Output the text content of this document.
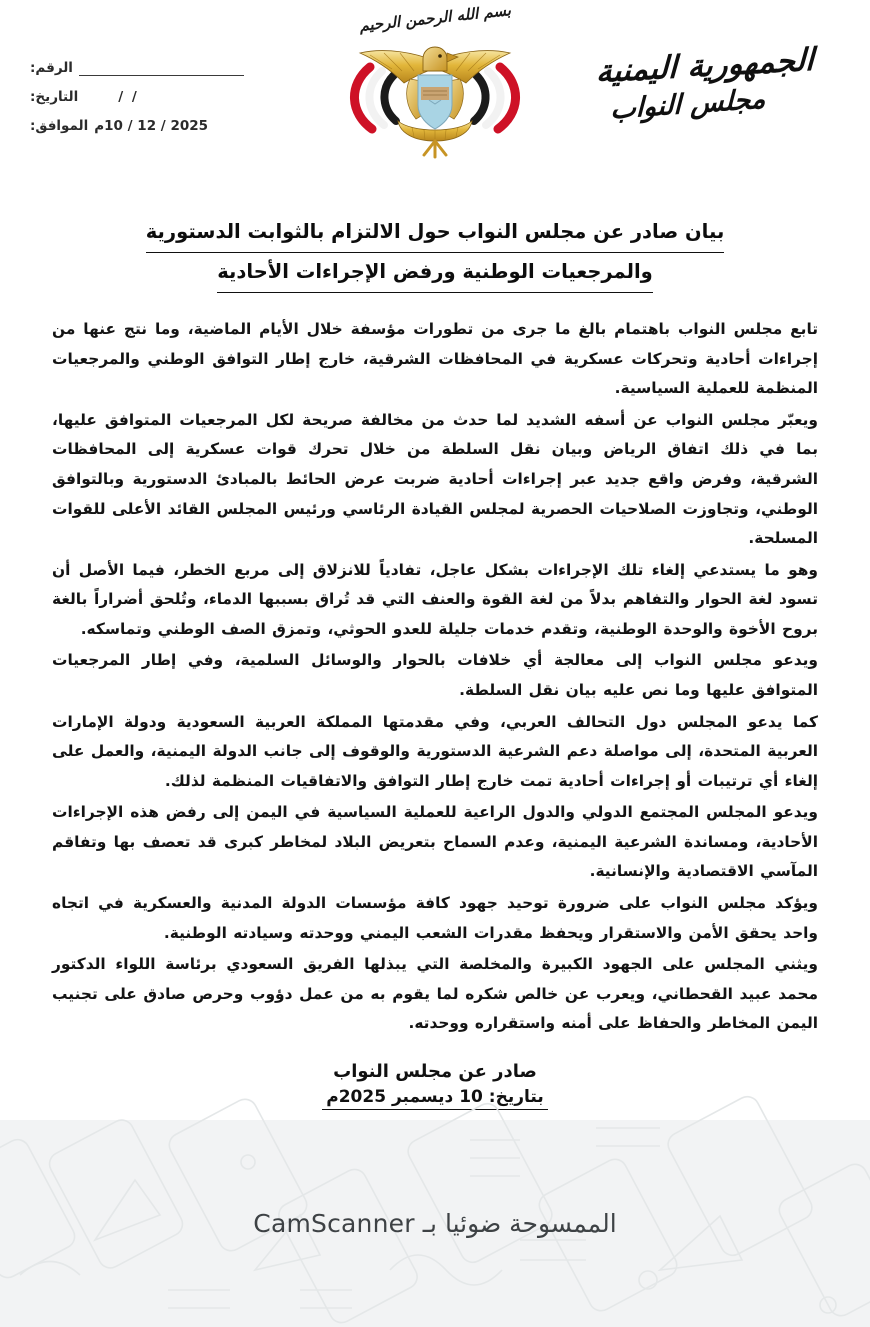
الرقم:
/ /
التاريخ:
2025 / 12 / 10م
الموافق:
بسم الله الرحمن الرحيم
الجمهورية اليمنية
مجلس النواب
بيان صادر عن مجلس النواب حول الالتزام بالثوابت الدستورية
والمرجعيات الوطنية ورفض الإجراءات الأحادية

تابع مجلس النواب باهتمام بالغ ما جرى من تطورات مؤسفة خلال الأيام الماضية، وما نتج عنها من إجراءات أحادية وتحركات عسكرية في المحافظات الشرقية، خارج إطار التوافق الوطني والمرجعيات المنظمة للعملية السياسية.

ويعبّر مجلس النواب عن أسفه الشديد لما حدث من مخالفة صريحة لكل المرجعيات المتوافق عليها، بما في ذلك اتفاق الرياض وبيان نقل السلطة من خلال تحرك قوات عسكرية إلى المحافظات الشرقية، وفرض واقع جديد عبر إجراءات أحادية ضربت عرض الحائط بالمبادئ الدستورية وبالتوافق الوطني، وتجاوزت الصلاحيات الحصرية لمجلس القيادة الرئاسي ورئيس المجلس القائد الأعلى للقوات المسلحة.

وهو ما يستدعي إلغاء تلك الإجراءات بشكل عاجل، تفادياً للانزلاق إلى مربع الخطر، فيما الأصل أن تسود لغة الحوار والتفاهم بدلاً من لغة القوة والعنف التي قد تُراق بسببها الدماء، وتُلحق أضراراً بالغة بروح الأخوة والوحدة الوطنية، وتقدم خدمات جليلة للعدو الحوثي، وتمزق الصف الوطني وتماسكه.

ويدعو مجلس النواب إلى معالجة أي خلافات بالحوار والوسائل السلمية، وفي إطار المرجعيات المتوافق عليها وما نص عليه بيان نقل السلطة.

كما يدعو المجلس دول التحالف العربي، وفي مقدمتها المملكة العربية السعودية ودولة الإمارات العربية المتحدة، إلى مواصلة دعم الشرعية الدستورية والوقوف إلى جانب الدولة اليمنية، والعمل على إلغاء أي ترتيبات أو إجراءات أحادية تمت خارج إطار التوافق والاتفاقيات المنظمة لذلك.

ويدعو المجلس المجتمع الدولي والدول الراعية للعملية السياسية في اليمن إلى رفض هذه الإجراءات الأحادية، ومساندة الشرعية اليمنية، وعدم السماح بتعريض البلاد لمخاطر كبرى قد تعصف بها وتفاقم المآسي الاقتصادية والإنسانية.

ويؤكد مجلس النواب على ضرورة توحيد جهود كافة مؤسسات الدولة المدنية والعسكرية في اتجاه واحد يحقق الأمن والاستقرار ويحفظ مقدرات الشعب اليمني ووحدته وسيادته الوطنية.

ويثني المجلس على الجهود الكبيرة والمخلصة التي يبذلها الفريق السعودي برئاسة اللواء الدكتور محمد عبيد القحطاني، ويعرب عن خالص شكره لما يقوم به من عمل دؤوب وحرص صادق على تجنيب اليمن المخاطر والحفاظ على أمنه واستقراره ووحدته.

صادر عن مجلس النواب
بتاريخ: 10 ديسمبر 2025م
الممسوحة ضوئيا بـ
CamScanner
